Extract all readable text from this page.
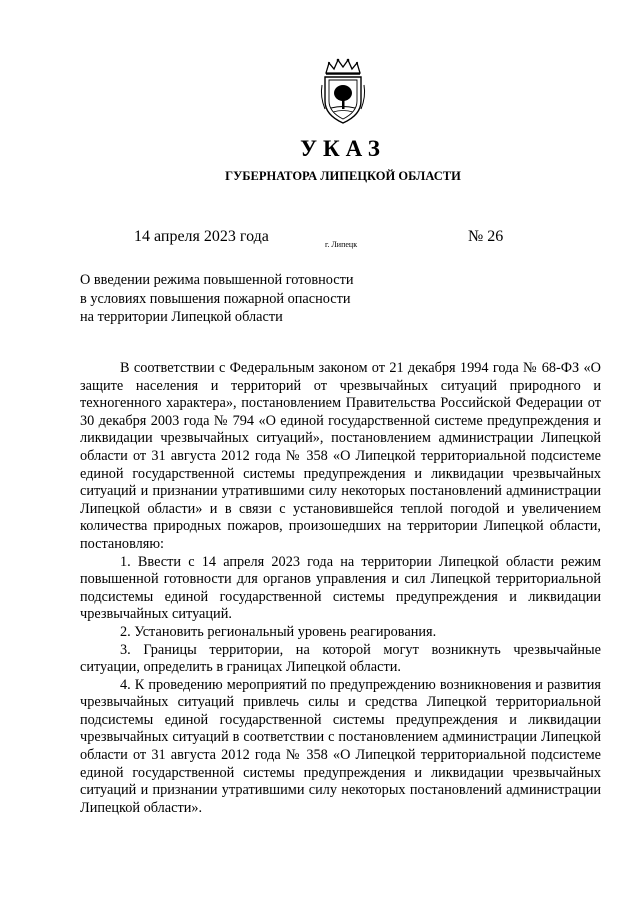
УКАЗ
ГУБЕРНАТОРА ЛИПЕЦКОЙ ОБЛАСТИ
14 апреля 2023 года	г. Липецк	№ 26
О введении режима повышенной готовности
в условиях повышения пожарной опасности
на территории Липецкой области

В соответствии с Федеральным законом от 21 декабря 1994 года № 68-ФЗ «О защите населения и территорий от чрезвычайных ситуаций природного и техногенного характера», постановлением Правительства Российской Федерации от 30 декабря 2003 года № 794 «О единой государственной системе предупреждения и ликвидации чрезвычайных ситуаций», постановлением администрации Липецкой области от 31 августа 2012 года № 358 «О Липецкой территориальной подсистеме единой государственной системы предупреждения и ликвидации чрезвычайных ситуаций и признании утратившими силу некоторых постановлений администрации Липецкой области» и в связи с установившейся теплой погодой и увеличением количества природных пожаров, произошедших на территории Липецкой области, постановляю:

1. Ввести с 14 апреля 2023 года на территории Липецкой области режим повышенной готовности для органов управления и сил Липецкой территориальной подсистемы единой государственной системы предупреждения и ликвидации чрезвычайных ситуаций.

2. Установить региональный уровень реагирования.

3. Границы территории, на которой могут возникнуть чрезвычайные ситуации, определить в границах Липецкой области.

4. К проведению мероприятий по предупреждению возникновения и развития чрезвычайных ситуаций привлечь силы и средства Липецкой территориальной подсистемы единой государственной системы предупреждения и ликвидации чрезвычайных ситуаций в соответствии с постановлением администрации Липецкой области от 31 августа 2012 года № 358 «О Липецкой территориальной подсистеме единой государственной системы предупреждения и ликвидации чрезвычайных ситуаций и признании утратившими силу некоторых постановлений администрации Липецкой области».
